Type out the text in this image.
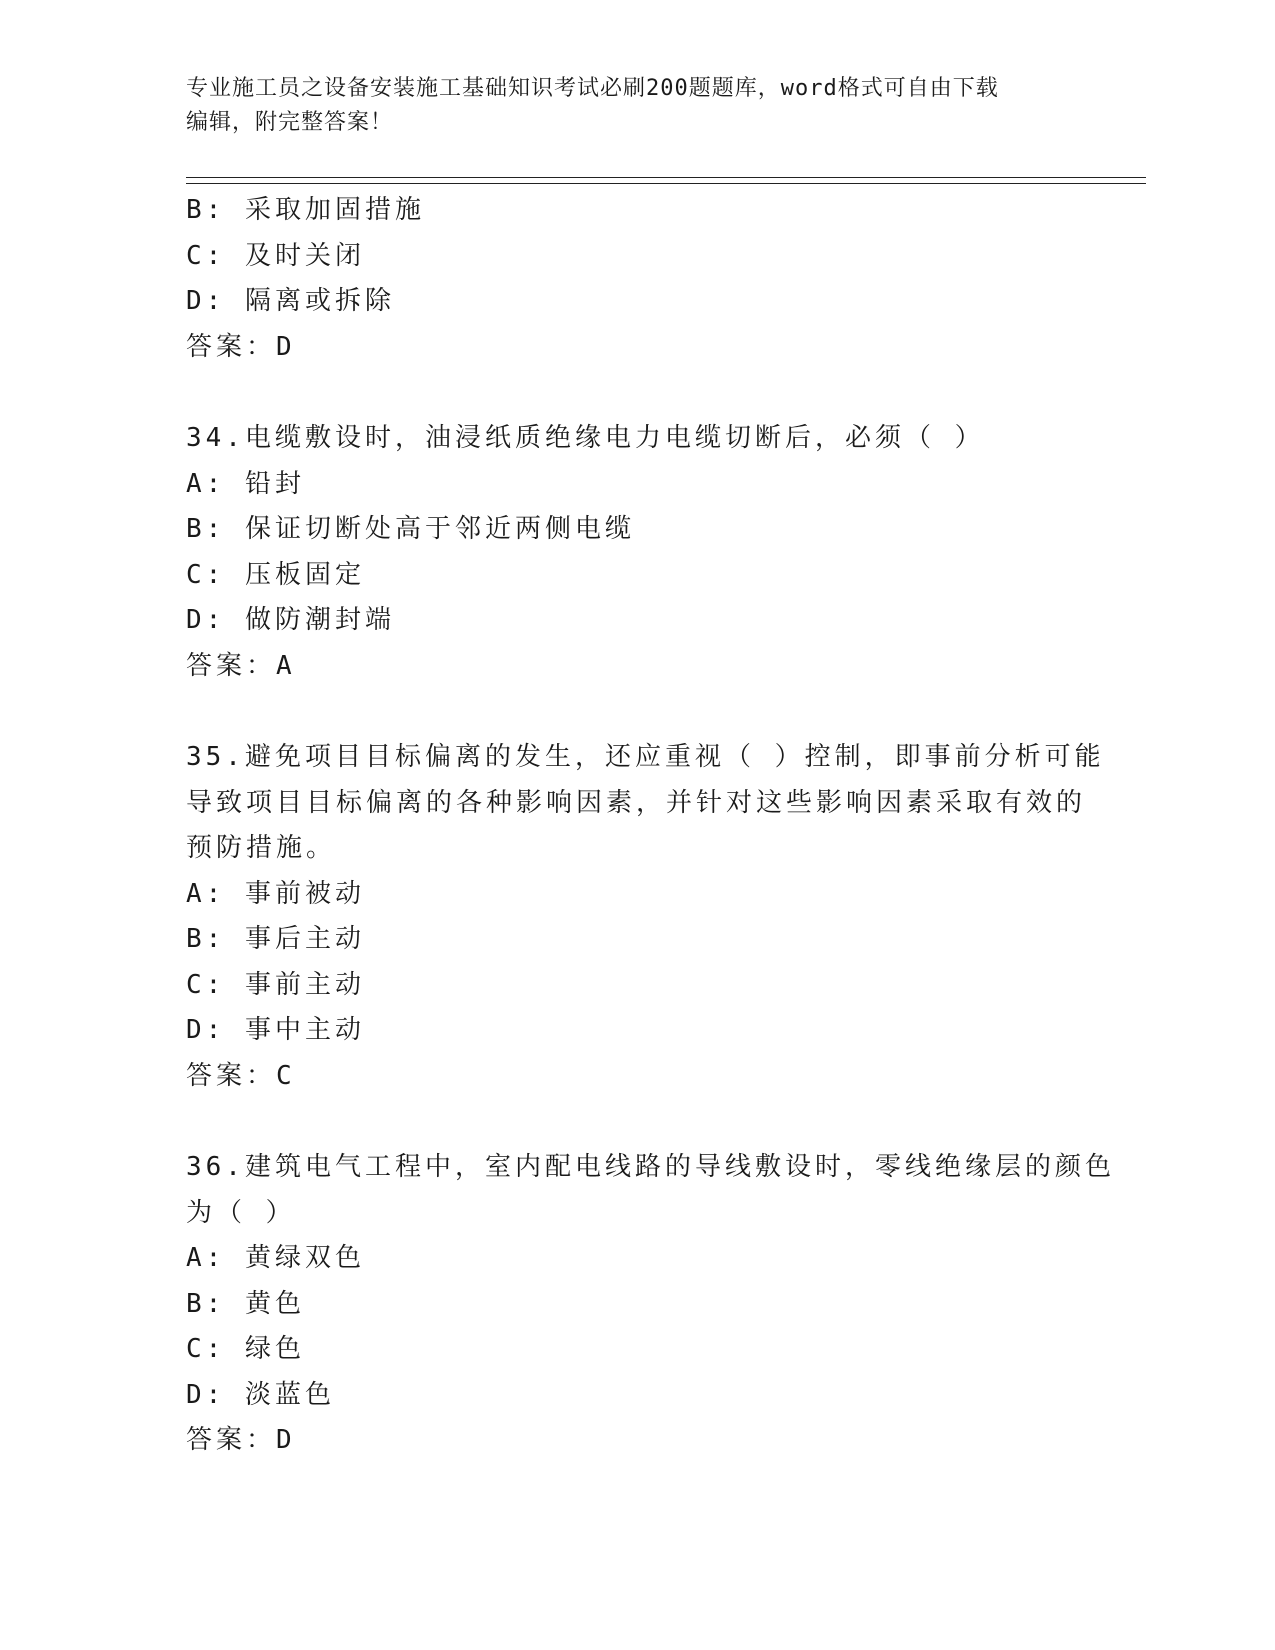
专业施工员之设备安装施工基础知识考试必刷200题题库，word格式可自由下载
编辑，附完整答案！
B: 采取加固措施
C: 及时关闭
D: 隔离或拆除
答案：D
34.电缆敷设时，油浸纸质绝缘电力电缆切断后，必须（ ）
A: 铅封
B: 保证切断处高于邻近两侧电缆
C: 压板固定
D: 做防潮封端
答案：A
35.避免项目目标偏离的发生，还应重视（ ）控制，即事前分析可能
导致项目目标偏离的各种影响因素，并针对这些影响因素采取有效的
预防措施。
A: 事前被动
B: 事后主动
C: 事前主动
D: 事中主动
答案：C
36.建筑电气工程中，室内配电线路的导线敷设时，零线绝缘层的颜色
为（ ）
A: 黄绿双色
B: 黄色
C: 绿色
D: 淡蓝色
答案：D
